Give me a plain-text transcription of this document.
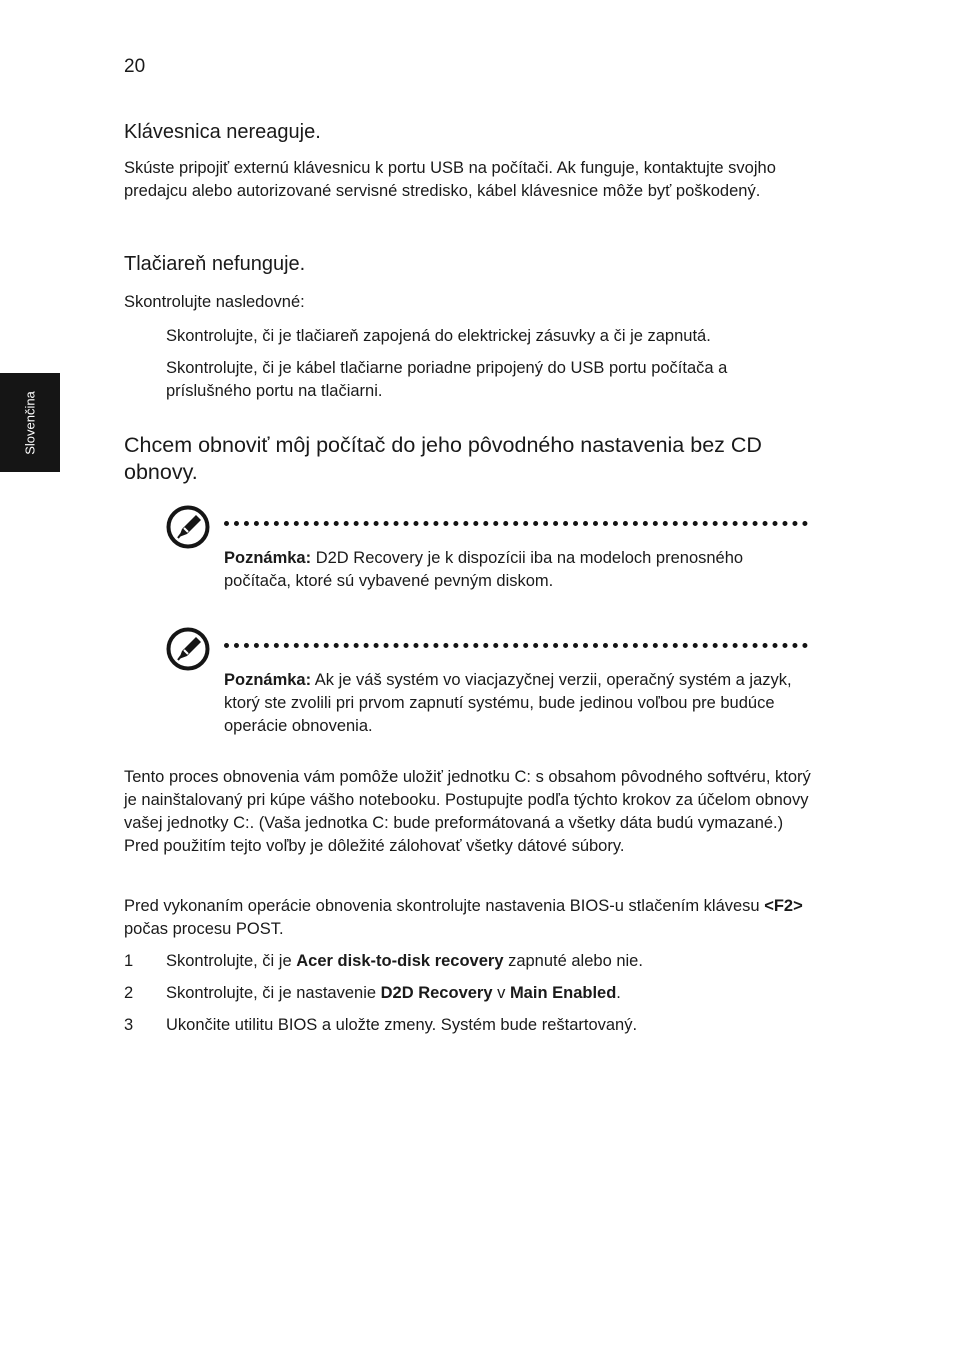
20
Slovenčina
Klávesnica nereaguje.
Skúste pripojiť externú klávesnicu k portu USB na počítači. Ak funguje, kontaktujte svojho predajcu alebo autorizované servisné stredisko, kábel klávesnice môže byť poškodený.
Tlačiareň nefunguje.
Skontrolujte nasledovné:
Skontrolujte, či je tlačiareň zapojená do elektrickej zásuvky a či je zapnutá.
Skontrolujte, či je kábel tlačiarne poriadne pripojený do USB portu počítača a príslušného portu na tlačiarni.
Chcem obnoviť môj počítač do jeho pôvodného nastavenia bez CD obnovy.
Poznámka: D2D Recovery je k dispozícii iba na modeloch prenosného počítača, ktoré sú vybavené pevným diskom.
Poznámka: Ak je váš systém vo viacjazyčnej verzii, operačný systém a jazyk, ktorý ste zvolili pri prvom zapnutí systému, bude jedinou voľbou pre budúce operácie obnovenia.
Tento proces obnovenia vám pomôže uložiť jednotku C: s obsahom pôvodného softvéru, ktorý je nainštalovaný pri kúpe vášho notebooku. Postupujte podľa týchto krokov za účelom obnovy vašej jednotky C:. (Vaša jednotka C: bude preformátovaná a všetky dáta budú vymazané.) Pred použitím tejto voľby je dôležité zálohovať všetky dátové súbory.
Pred vykonaním operácie obnovenia skontrolujte nastavenia BIOS-u stlačením klávesu <F2> počas procesu POST.
1 Skontrolujte, či je Acer disk-to-disk recovery zapnuté alebo nie.
2 Skontrolujte, či je nastavenie D2D Recovery v Main Enabled.
3 Ukončite utilitu BIOS a uložte zmeny. Systém bude reštartovaný.
